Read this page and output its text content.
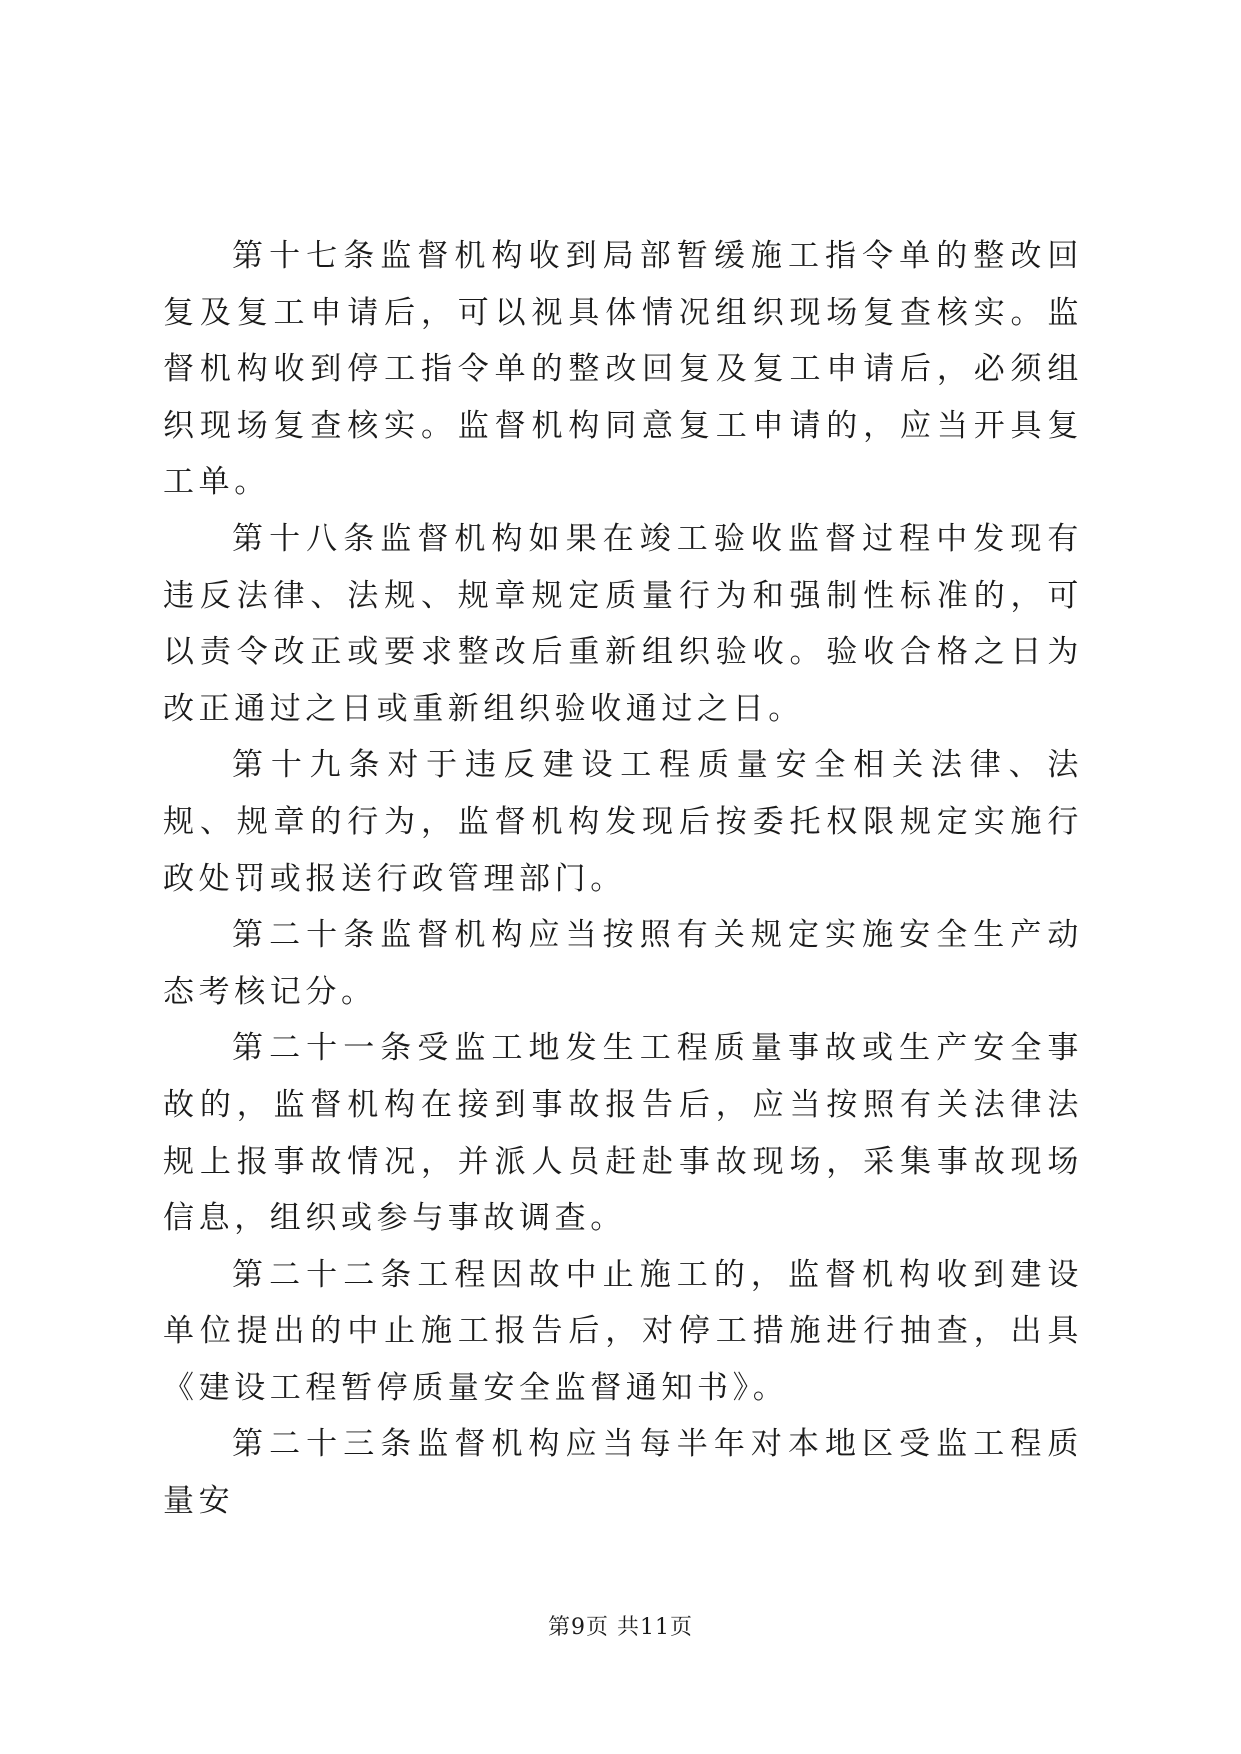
第十七条监督机构收到局部暂缓施工指令单的整改回复及复工申请后，可以视具体情况组织现场复查核实。监督机构收到停工指令单的整改回复及复工申请后，必须组织现场复查核实。监督机构同意复工申请的，应当开具复工单。

第十八条监督机构如果在竣工验收监督过程中发现有违反法律、法规、规章规定质量行为和强制性标准的，可以责令改正或要求整改后重新组织验收。验收合格之日为改正通过之日或重新组织验收通过之日。

第十九条对于违反建设工程质量安全相关法律、法规、规章的行为，监督机构发现后按委托权限规定实施行政处罚或报送行政管理部门。

第二十条监督机构应当按照有关规定实施安全生产动态考核记分。

第二十一条受监工地发生工程质量事故或生产安全事故的，监督机构在接到事故报告后，应当按照有关法律法规上报事故情况，并派人员赶赴事故现场，采集事故现场信息，组织或参与事故调查。

第二十二条工程因故中止施工的，监督机构收到建设单位提出的中止施工报告后，对停工措施进行抽查，出具《建设工程暂停质量安全监督通知书》。

第二十三条监督机构应当每半年对本地区受监工程质量安

第9页 共11页
